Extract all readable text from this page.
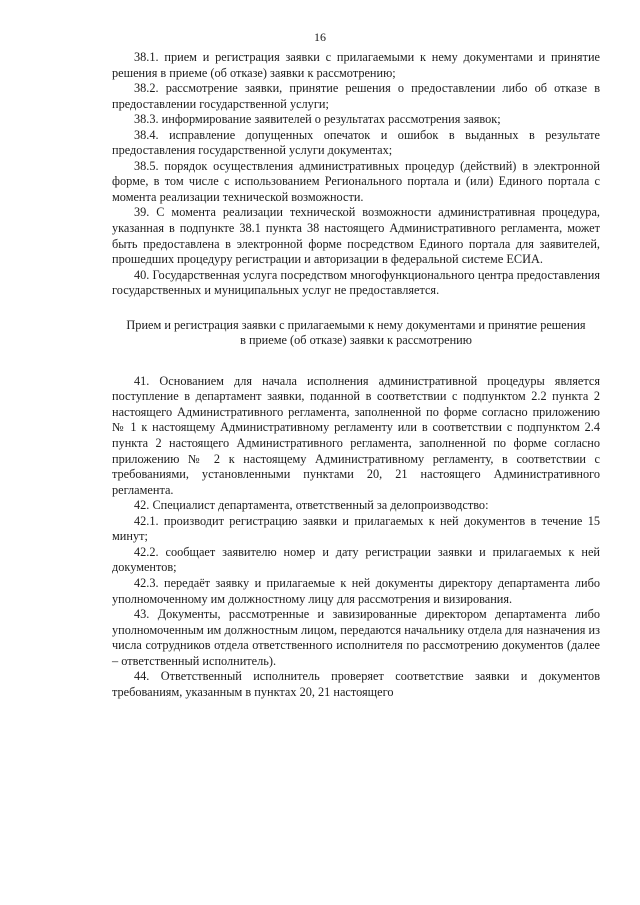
16

38.1. прием и регистрация заявки с прилагаемыми к нему документами и принятие решения в приеме (об отказе) заявки к рассмотрению;

38.2. рассмотрение заявки, принятие решения о предоставлении либо об отказе в предоставлении государственной услуги;

38.3. информирование заявителей о результатах рассмотрения заявок;

38.4. исправление допущенных опечаток и ошибок в выданных в результате предоставления государственной услуги документах;

38.5. порядок осуществления административных процедур (действий) в электронной форме, в том числе с использованием Регионального портала и (или) Единого портала с момента реализации технической возможности.

39. С момента реализации технической возможности административная процедура, указанная в подпункте 38.1 пункта 38 настоящего Административного регламента, может быть предоставлена в электронной форме посредством Единого портала для заявителей, прошедших процедуру регистрации и авторизации в федеральной системе ЕСИА.

40. Государственная услуга посредством многофункционального центра предоставления государственных и муниципальных услуг не предоставляется.

Прием и регистрация заявки с прилагаемыми к нему документами и принятие решения в приеме (об отказе) заявки к рассмотрению

41. Основанием для начала исполнения административной процедуры является поступление в департамент заявки, поданной в соответствии с подпунктом 2.2 пункта 2 настоящего Административного регламента, заполненной по форме согласно приложению № 1 к настоящему Административному регламенту или в соответствии с подпунктом 2.4 пункта 2 настоящего Административного регламента, заполненной по форме согласно приложению № 2 к настоящему Административному регламенту, в соответствии с требованиями, установленными пунктами 20, 21 настоящего Административного регламента.

42. Специалист департамента, ответственный за делопроизводство:

42.1. производит регистрацию заявки и прилагаемых к ней документов в течение 15 минут;

42.2. сообщает заявителю номер и дату регистрации заявки и прилагаемых к ней документов;

42.3. передаёт заявку и прилагаемые к ней документы директору департамента либо уполномоченному им должностному лицу для рассмотрения и визирования.

43. Документы, рассмотренные и завизированные директором департамента либо уполномоченным им должностным лицом, передаются начальнику отдела для назначения из числа сотрудников отдела ответственного исполнителя по рассмотрению документов (далее – ответственный исполнитель).

44. Ответственный исполнитель проверяет соответствие заявки и документов требованиям, указанным в пунктах 20, 21 настоящего
